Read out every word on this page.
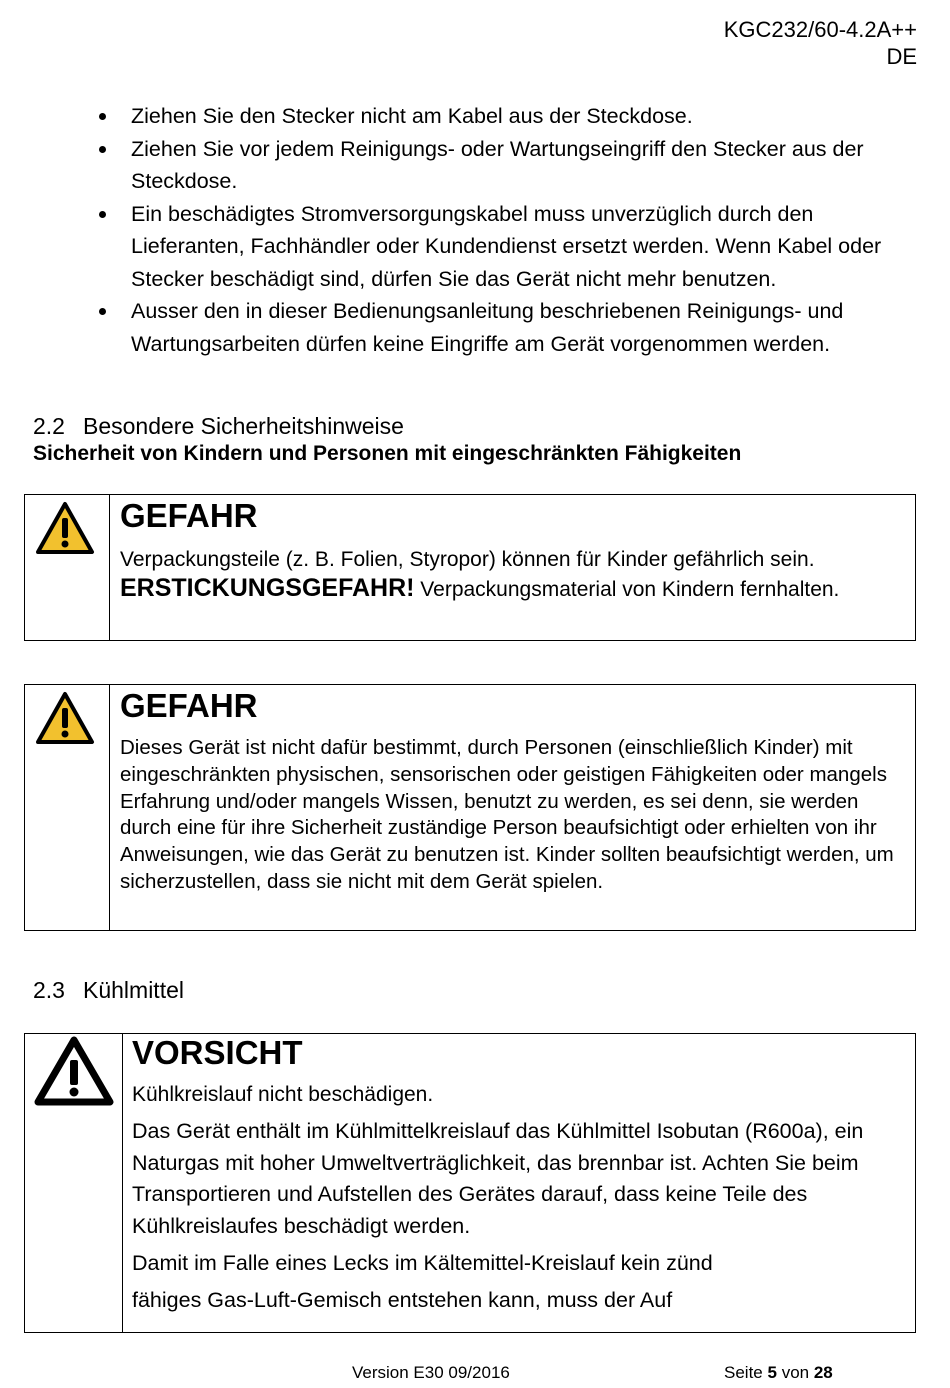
KGC232/60-4.2A++
DE
Ziehen Sie den Stecker nicht am Kabel aus der Steckdose.
Ziehen Sie vor jedem Reinigungs- oder Wartungseingriff den Stecker aus der Steckdose.
Ein beschädigtes Stromversorgungskabel muss unverzüglich durch den Lieferanten, Fachhändler oder Kundendienst ersetzt werden. Wenn Kabel oder Stecker beschädigt sind, dürfen Sie das Gerät nicht mehr benutzen.
Ausser den in dieser Bedienungsanleitung beschriebenen Reinigungs- und Wartungsarbeiten dürfen keine Eingriffe am Gerät vorgenommen werden.
2.2 Besondere Sicherheitshinweise
Sicherheit von Kindern und Personen mit eingeschränkten Fähigkeiten
GEFAHR

Verpackungsteile (z. B. Folien, Styropor) können für Kinder gefährlich sein.

ERSTICKUNGSGEFAHR! Verpackungsmaterial von Kindern fernhalten.

GEFAHR

Dieses Gerät ist nicht dafür bestimmt, durch Personen (einschließlich Kinder) mit eingeschränkten physischen, sensorischen oder geistigen Fähigkeiten oder mangels Erfahrung und/oder mangels Wissen, benutzt zu werden, es sei denn, sie werden durch eine für ihre Sicherheit zuständige Person beaufsichtigt oder erhielten von ihr Anweisungen, wie das Gerät zu benutzen ist. Kinder sollten beaufsichtigt werden, um sicherzustellen, dass sie nicht mit dem Gerät spielen.

2.3 Kühlmittel
VORSICHT

Kühlkreislauf nicht beschädigen.

Das Gerät enthält im Kühlmittelkreislauf das Kühlmittel Isobutan (R600a), ein Naturgas mit hoher Umweltverträglichkeit, das brennbar ist. Achten Sie beim Transportieren und Aufstellen des Gerätes darauf, dass keine Teile des Kühlkreislaufes beschädigt werden.

Damit im Falle eines Lecks im Kältemittel-Kreislauf kein zünd
fähiges Gas-Luft-Gemisch entstehen kann, muss der Auf

Version E30 09/2016	Seite 5 von 28
